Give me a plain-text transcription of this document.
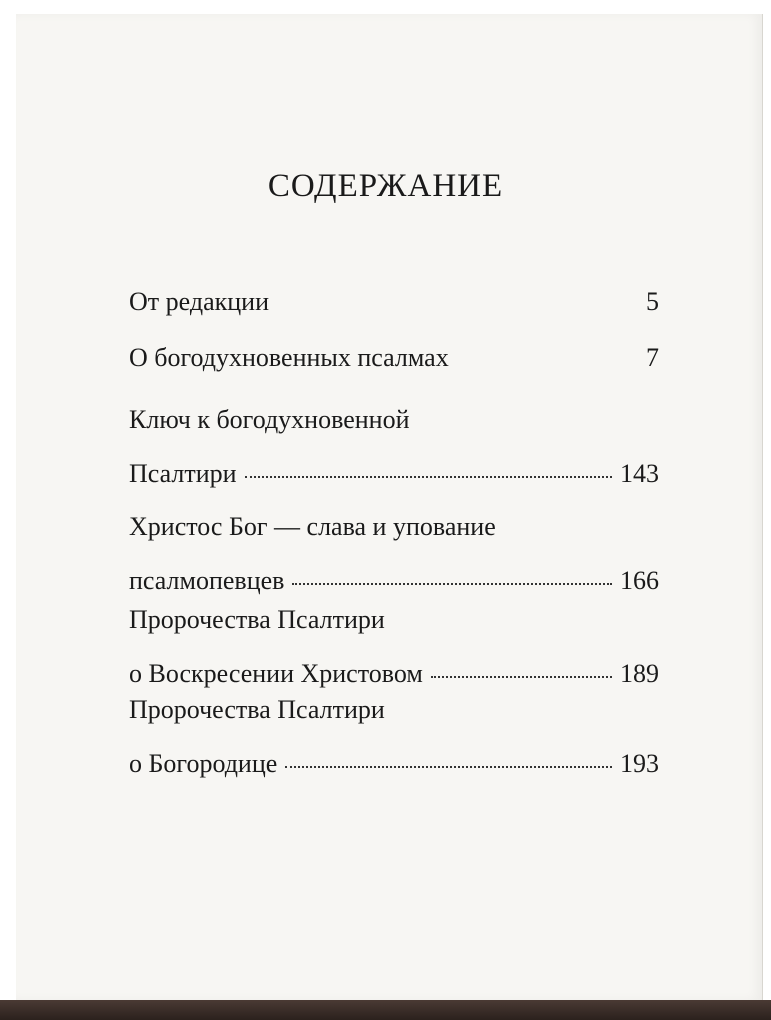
СОДЕРЖАНИЕ
От редакции	5
О богодухновенных псалмах	7
Ключ к богодухновенной
Псалтири	143
Христос Бог — слава и упование
псалмопевцев	166
Пророчества Псалтири
о Воскресении Христовом	189
Пророчества Псалтири
о Богородице	193
